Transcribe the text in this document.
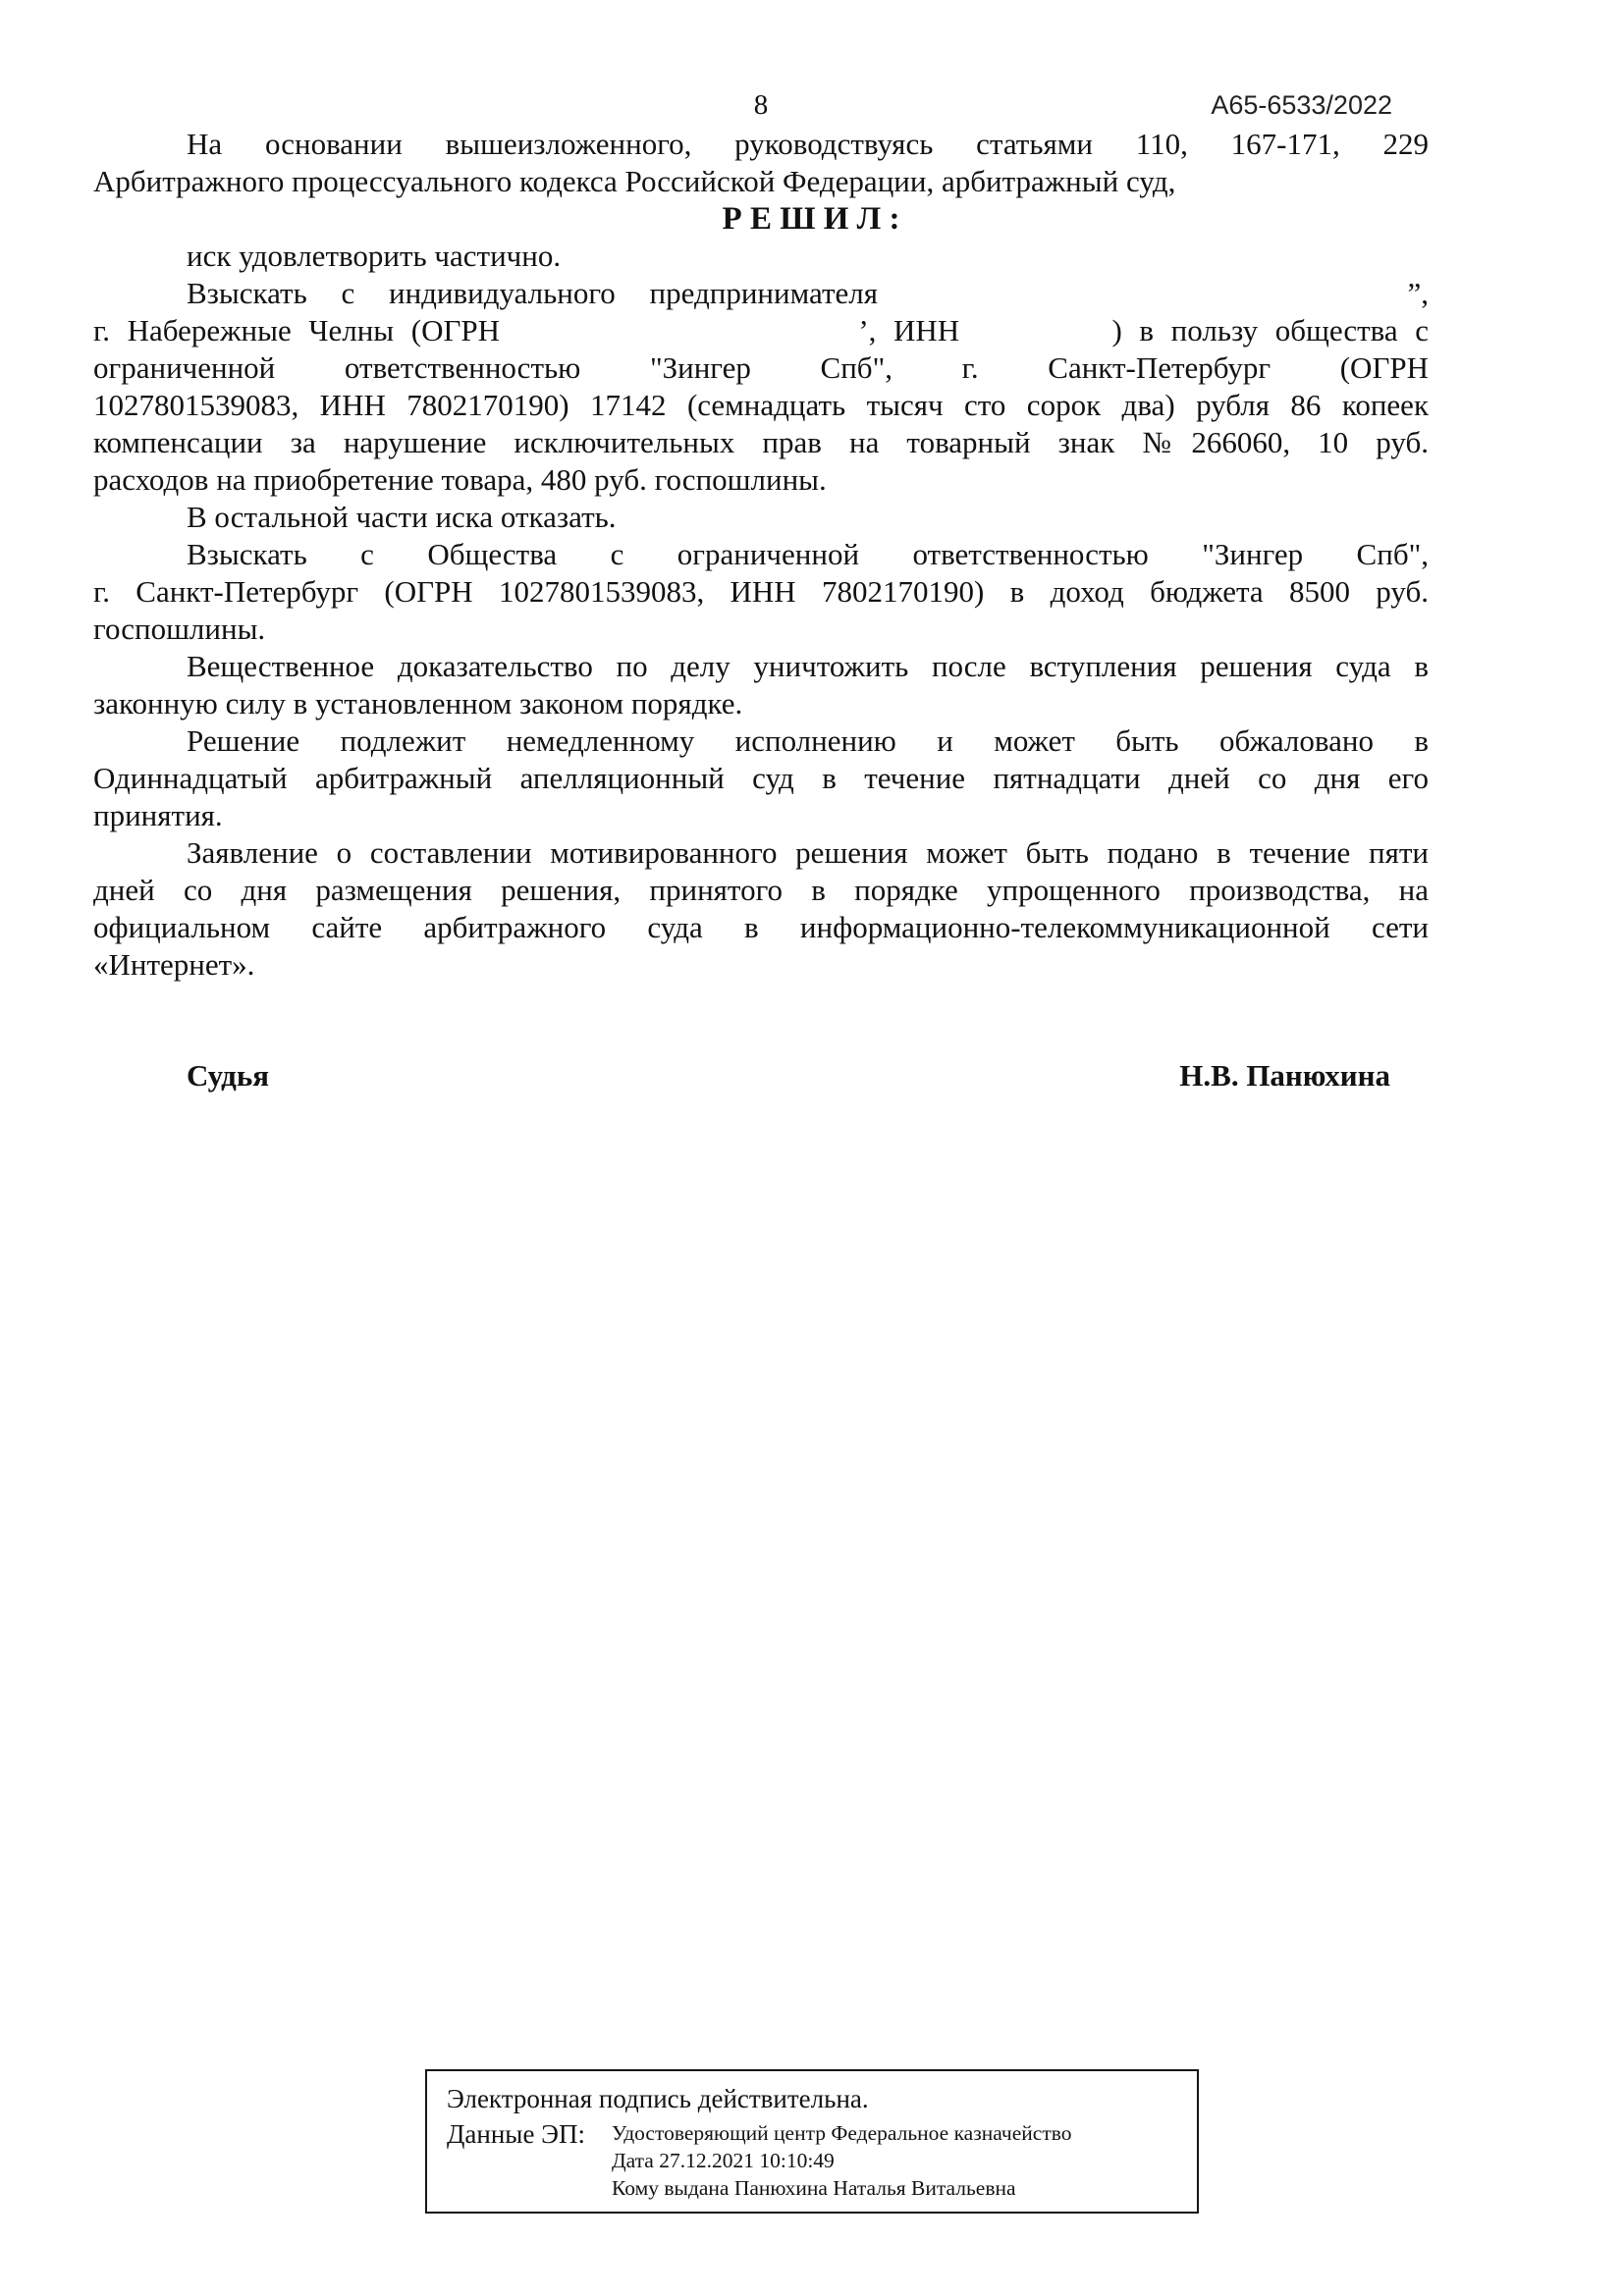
8	А65-6533/2022
На основании вышеизложенного, руководствуясь статьями 110, 167-171, 229
Арбитражного процессуального кодекса Российской Федерации, арбитражный суд,
Р Е Ш И Л :
иск удовлетворить частично.
Взыскать с индивидуального предпринимателя	”,
г. Набережные Челны (ОГРН	’, ИНН	) в пользу общества с
ограниченной ответственностью "Зингер Спб", г. Санкт-Петербург (ОГРН
1027801539083, ИНН 7802170190) 17142 (семнадцать тысяч сто сорок два) рубля 86 копеек
компенсации за нарушение исключительных прав на товарный знак №266060, 10 руб.
расходов на приобретение товара, 480 руб. госпошлины.
В остальной части иска отказать.
Взыскать с Общества с ограниченной ответственностью "Зингер Спб",
г. Санкт-Петербург (ОГРН 1027801539083, ИНН 7802170190) в доход бюджета 8500 руб.
госпошлины.
Вещественное доказательство по делу уничтожить после вступления решения суда в
законную силу в установленном законом порядке.
Решение подлежит немедленному исполнению и может быть обжаловано в
Одиннадцатый арбитражный апелляционный суд в течение пятнадцати дней со дня его
принятия.
Заявление о составлении мотивированного решения может быть подано в течение пяти
дней со дня размещения решения, принятого в порядке упрощенного производства, на
официальном сайте арбитражного суда в информационно-телекоммуникационной сети
«Интернет».
Судья	Н.В. Панюхина
Электронная подпись действительна.
Данные ЭП:	Удостоверяющий центр Федеральное казначейство
Дата 27.12.2021 10:10:49
Кому выдана Панюхина Наталья Витальевна
